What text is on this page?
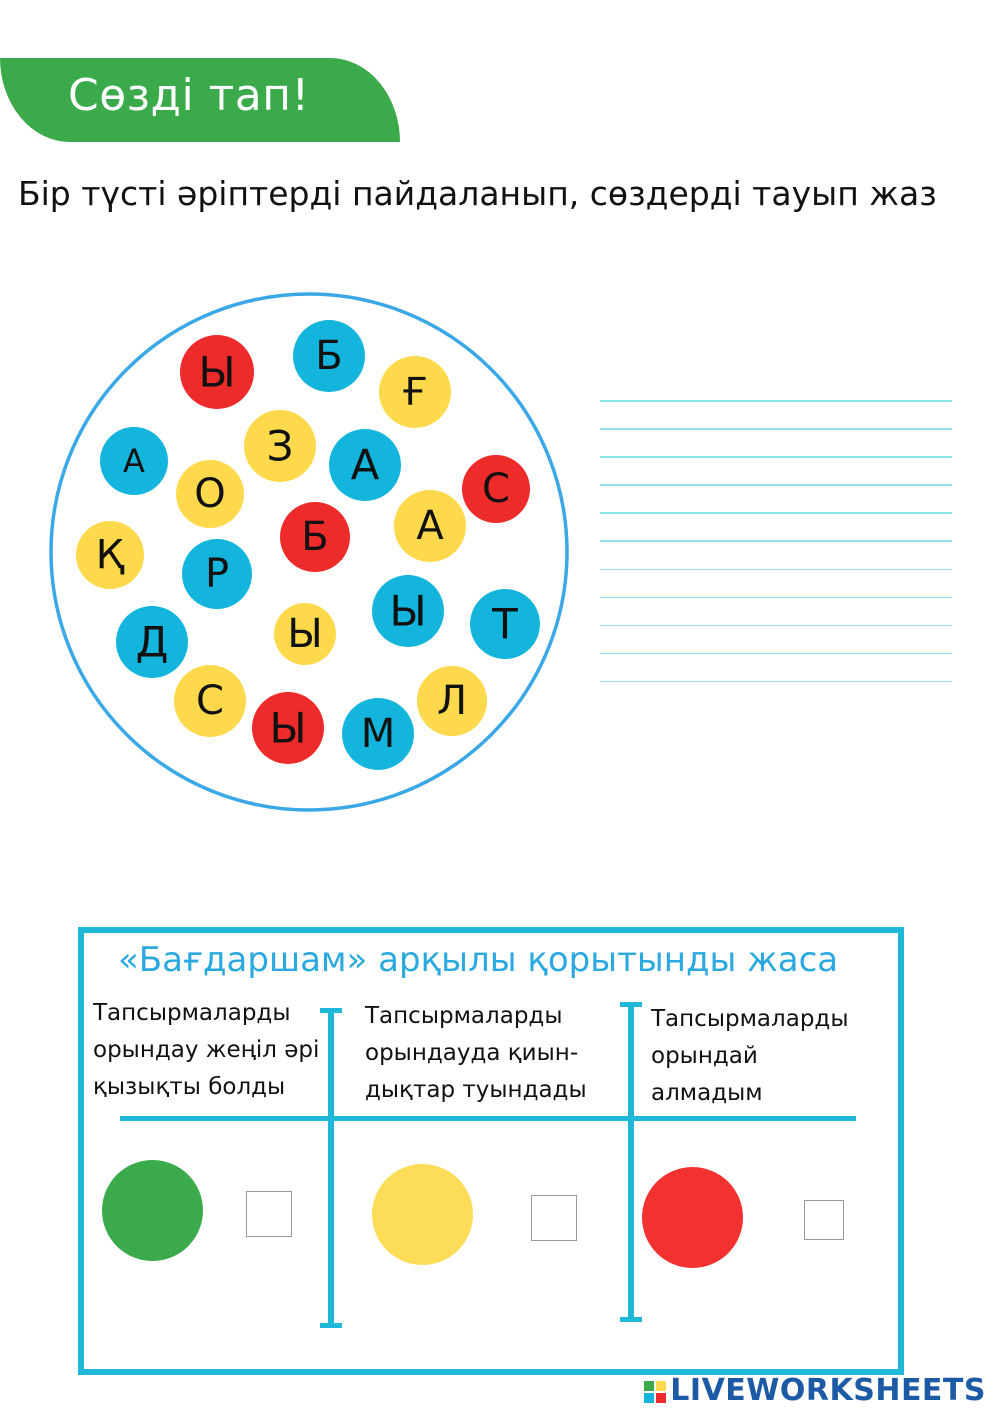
Сөзді тап!
Бір түсті әріптерді пайдаланып, сөздерді тауып жаз
Ы Б
Ғ
А	З А	С
О
Б А
Қ Р
Ы Т
Д	Ы
С	Л
Ы М
«Бағдаршам» арқылы қорытынды жаса
Тапсырмаларды
орындау жеңіл әрі
қызықты болды
Тапсырмаларды
орындауда қиын-
дықтар туындады
Тапсырмаларды
орындай
алмадым
LIVEWORKSHEETS
